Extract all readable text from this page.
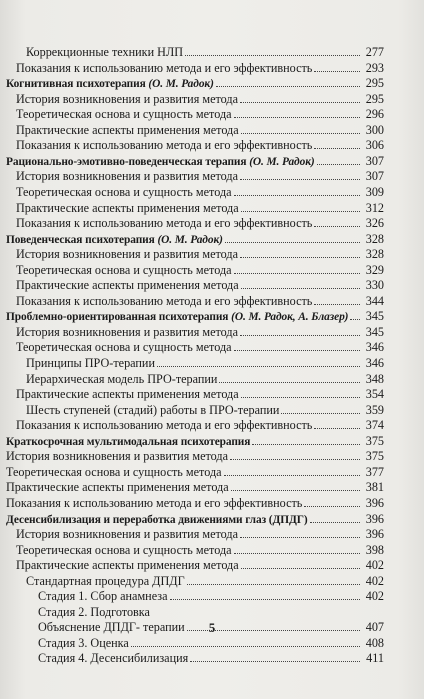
Коррекционные техники НЛП	277
Показания к использованию метода и его эффективность	293
Когнитивная психотерапия (О. М. Радок)	295
История возникновения и развития метода	295
Теоретическая основа и сущность метода	296
Практические аспекты применения метода	300
Показания к использованию метода и его эффективность	306
Рационально-эмотивно-поведенческая терапия (О. М. Радок)	307
История возникновения и развития метода	307
Теоретическая основа и сущность метода	309
Практические аспекты применения метода	312
Показания к использованию метода и его эффективность	326
Поведенческая психотерапия (О. М. Радок)	328
История возникновения и развития метода	328
Теоретическая основа и сущность метода	329
Практические аспекты применения метода	330
Показания к использованию метода и его эффективность	344
Проблемно-ориентированная психотерапия (О. М. Радок, А. Блазер)	345
История возникновения и развития метода	345
Теоретическая основа и сущность метода	346
Принципы ПРО-терапии	346
Иерархическая модель ПРО-терапии	348
Практические аспекты применения метода	354
Шесть ступеней (стадий) работы в ПРО-терапии	359
Показания к использованию метода и его эффективность	374
Краткосрочная мультимодальная психотерапия	375
История возникновения и развития метода	375
Теоретическая основа и сущность метода	377
Практические аспекты применения метода	381
Показания к использованию метода и его эффективность	396
Десенсибилизация и переработка движениями глаз (ДПДГ)	396
История возникновения и развития метода	396
Теоретическая основа и сущность метода	398
Практические аспекты применения метода	402
Стандартная процедура ДПДГ	402
Стадия 1. Сбор анамнеза	402
Стадия 2. Подготовка
Объяснение ДПДГ- терапии	407
Стадия 3. Оценка	408
Стадия 4. Десенсибилизация	411
5
